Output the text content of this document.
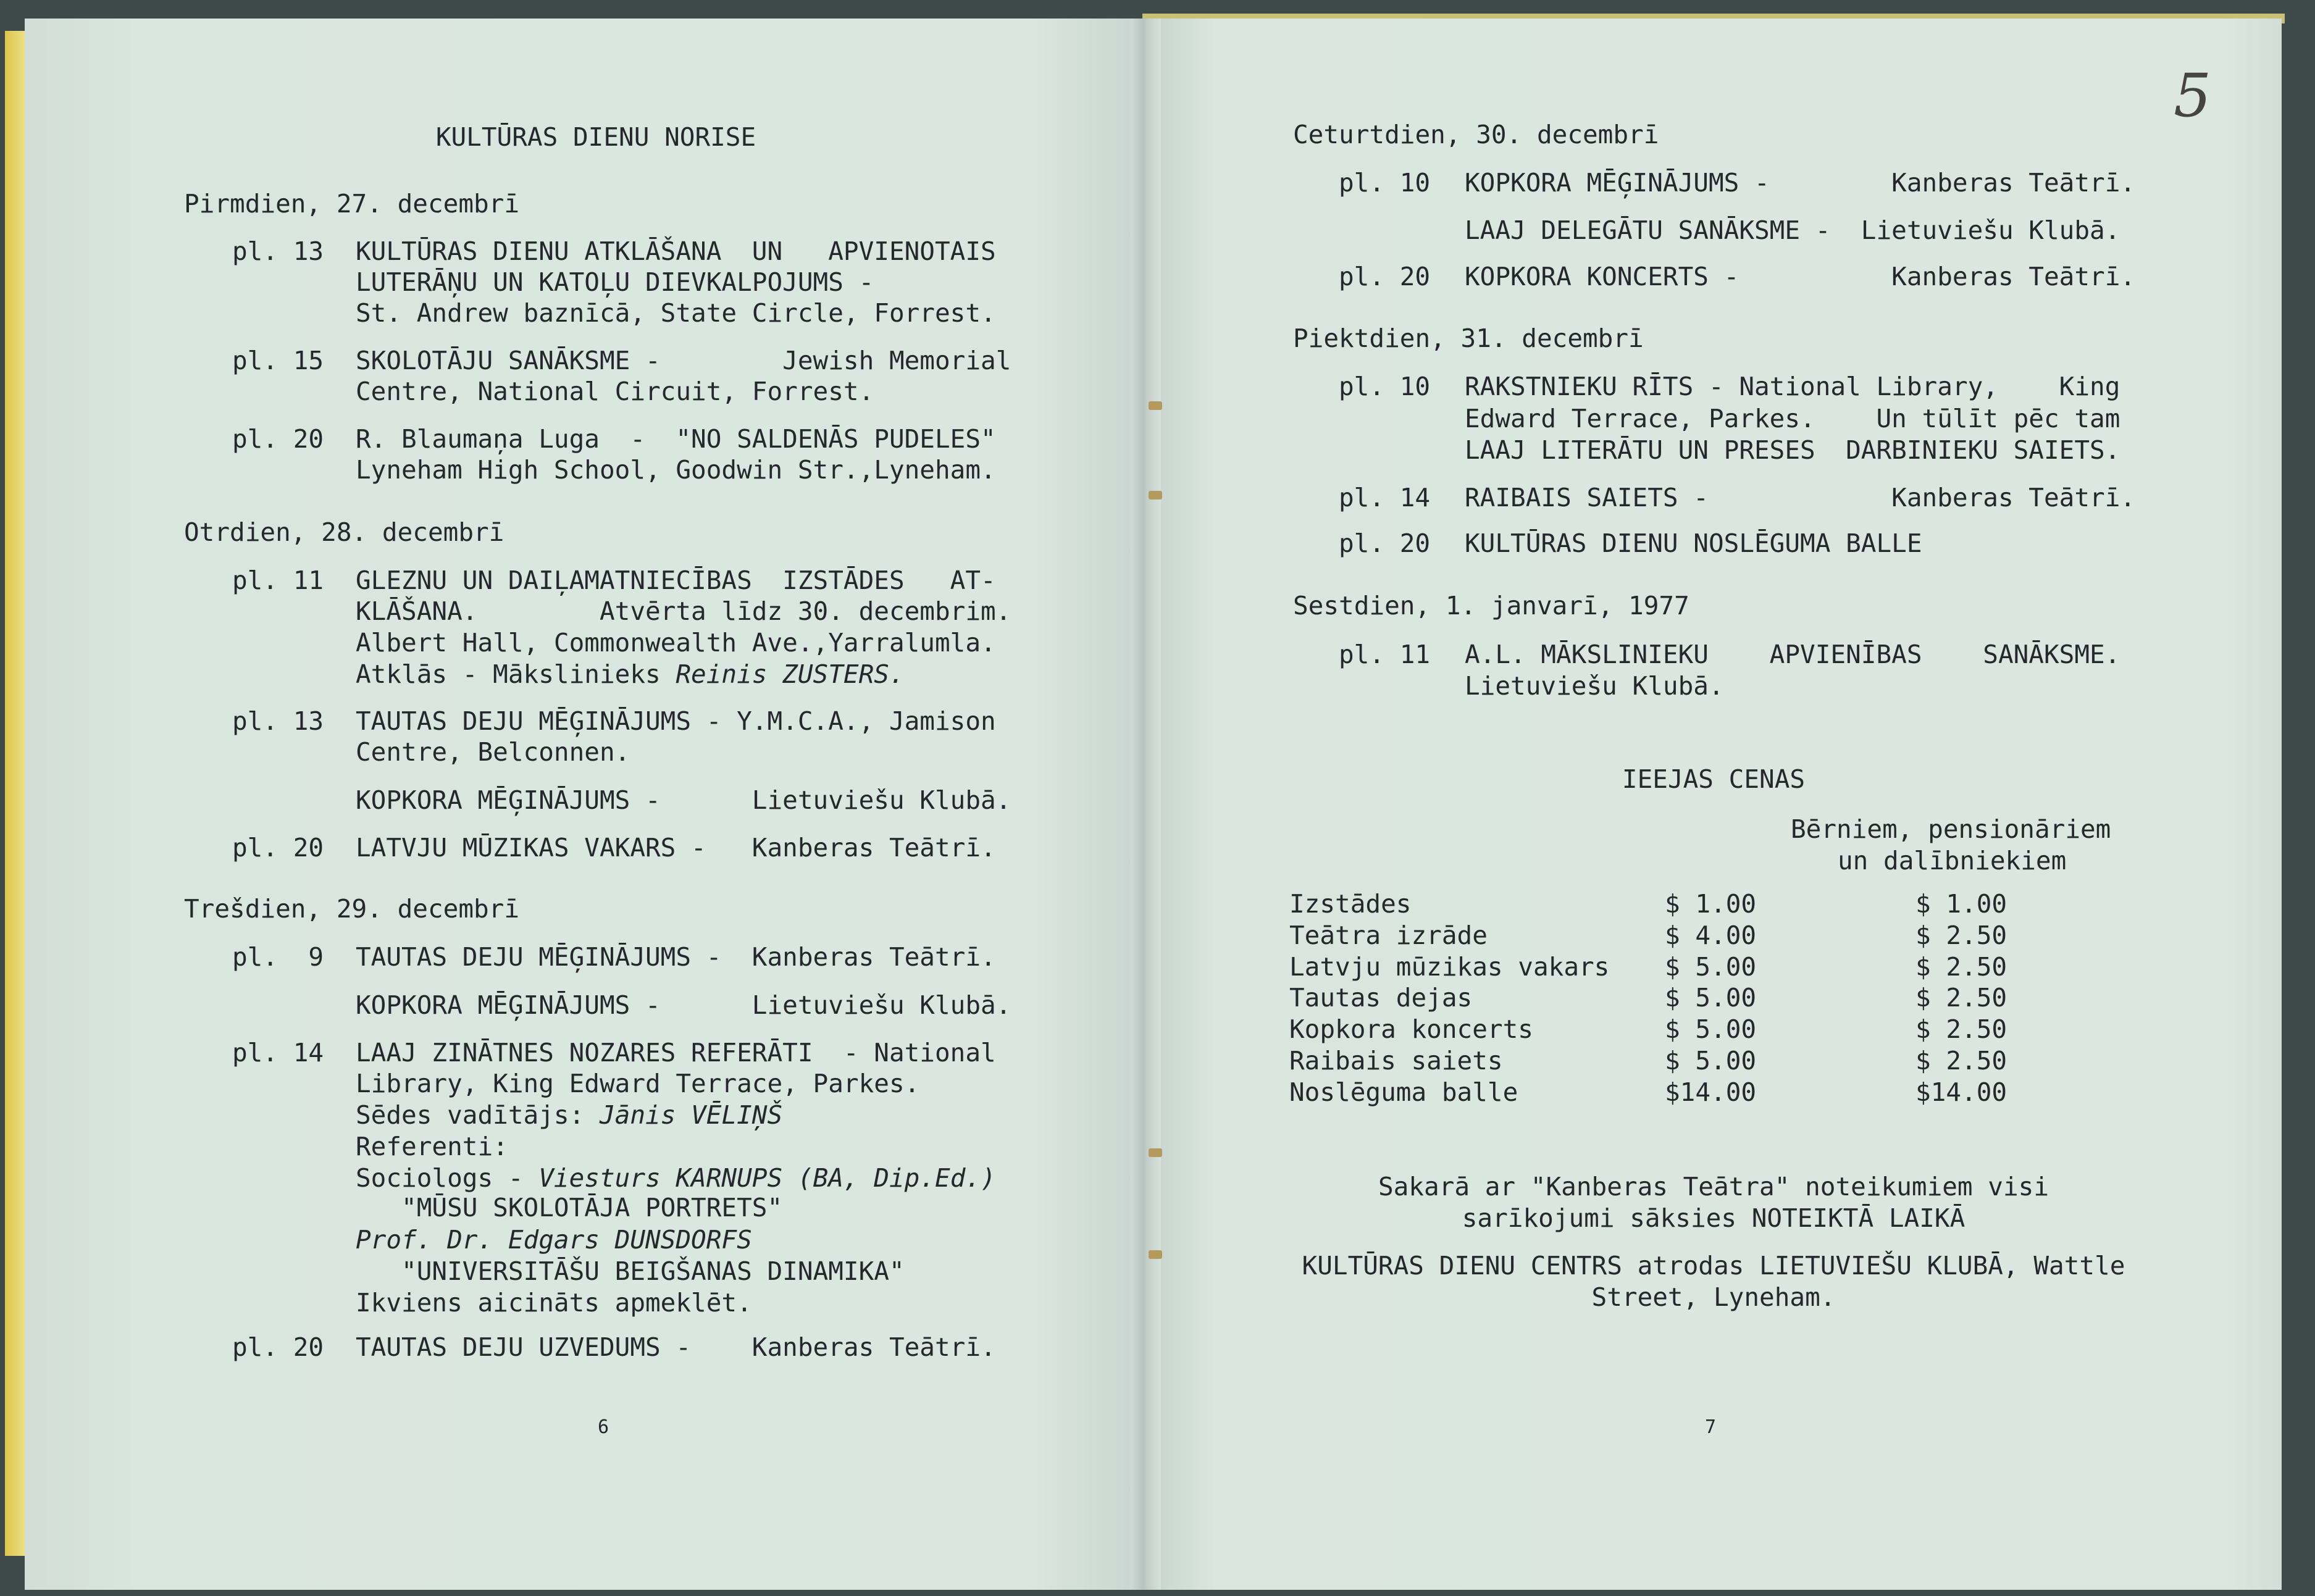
KULTŪRAS DIENU NORISE
Pirmdien, 27. decembrī
pl. 13 KULTŪRAS DIENU ATKLĀŠANA  UN   APVIENOTAIS
LUTERĀŅU UN KATOĻU DIEVKALPOJUMS -
St. Andrew baznīcā, State Circle, Forrest.
pl. 15 SKOLOTĀJU SANĀKSME -        Jewish Memorial
Centre, National Circuit, Forrest.
pl. 20 R. Blaumaņa Luga  -  "NO SALDENĀS PUDELES"
Lyneham High School, Goodwin Str.,Lyneham.
Otrdien, 28. decembrī
pl. 11 GLEZNU UN DAIĻAMATNIECĪBAS  IZSTĀDES   AT-
KLĀŠANA.        Atvērta līdz 30. decembrim.
Albert Hall, Commonwealth Ave.,Yarralumla.
Atklās - Mākslinieks Reinis ZUSTERS.
pl. 13 TAUTAS DEJU MĒĢINĀJUMS - Y.M.C.A., Jamison
Centre, Belconnen.
KOPKORA MĒĢINĀJUMS -      Lietuviešu Klubā.
pl. 20 LATVJU MŪZIKAS VAKARS -   Kanberas Teātrī.
Trešdien, 29. decembrī
pl.  9 TAUTAS DEJU MĒĢINĀJUMS -  Kanberas Teātrī.
KOPKORA MĒĢINĀJUMS -      Lietuviešu Klubā.
pl. 14 LAAJ ZINĀTNES NOZARES REFERĀTI  - National
Library, King Edward Terrace, Parkes.
Sēdes vadītājs: Jānis VĒLIŅŠ
Referenti:
Sociologs - Viesturs KARNUPS (BA, Dip.Ed.)
"MŪSU SKOLOTĀJA PORTRETS"
Prof. Dr. Edgars DUNSDORFS
"UNIVERSITĀŠU BEIGŠANAS DINAMIKA"
Ikviens aicināts apmeklēt.
pl. 20 TAUTAS DEJU UZVEDUMS -    Kanberas Teātrī.
6
5
Ceturtdien, 30. decembrī
pl. 10 KOPKORA MĒĢINĀJUMS -        Kanberas Teātrī.
LAAJ DELEGĀTU SANĀKSME -  Lietuviešu Klubā.
pl. 20 KOPKORA KONCERTS -          Kanberas Teātrī.
Piektdien, 31. decembrī
pl. 10 RAKSTNIEKU RĪTS - National Library,    King
Edward Terrace, Parkes.    Un tūlīt pēc tam
LAAJ LITERĀTU UN PRESES  DARBINIEKU SAIETS.
pl. 14 RAIBAIS SAIETS -            Kanberas Teātrī.
pl. 20 KULTŪRAS DIENU NOSLĒGUMA BALLE
Sestdien, 1. janvarī, 1977
pl. 11 A.L. MĀKSLINIEKU    APVIENĪBAS    SANĀKSME.
Lietuviešu Klubā.
IEEJAS CENAS
Bērniem, pensionāriem
un dalībniekiem
Izstādes	$ 1.00	$ 1.00
Teātra izrāde	$ 4.00	$ 2.50
Latvju mūzikas vakars $ 5.00	$ 2.50
Tautas dejas	$ 5.00	$ 2.50
Kopkora koncerts	$ 5.00	$ 2.50
Raibais saiets	$ 5.00	$ 2.50
Noslēguma balle	$14.00	$14.00
Sakarā ar "Kanberas Teātra" noteikumiem visi
sarīkojumi sāksies NOTEIKTĀ LAIKĀ
KULTŪRAS DIENU CENTRS atrodas LIETUVIEŠU KLUBĀ, Wattle
Street, Lyneham.
7
